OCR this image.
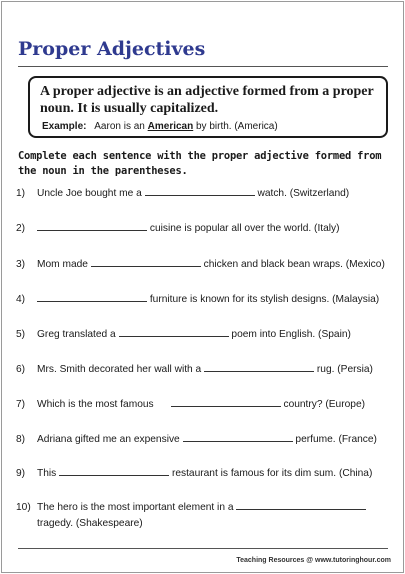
Proper Adjectives
A proper adjective is an adjective formed from a proper noun. It is usually capitalized.
Example: Aaron is an American by birth. (America)
Complete each sentence with the proper adjective formed from the noun in the parentheses.
1)	Uncle Joe bought me a	watch. (Switzerland)
2)	cuisine is popular all over the world. (Italy)
3)	Mom made	chicken and black bean wraps. (Mexico)
4)	furniture is known for its stylish designs. (Malaysia)
5)	Greg translated a	poem into English. (Spain)
6)	Mrs. Smith decorated her wall with a	rug. (Persia)
7)	Which is the most famous	country? (Europe)
8)	Adriana gifted me an expensive	perfume. (France)
9)	This	restaurant is famous for its dim sum. (China)
10) The hero is the most important element in a
tragedy. (Shakespeare)
Teaching Resources @ www.tutoringhour.com
